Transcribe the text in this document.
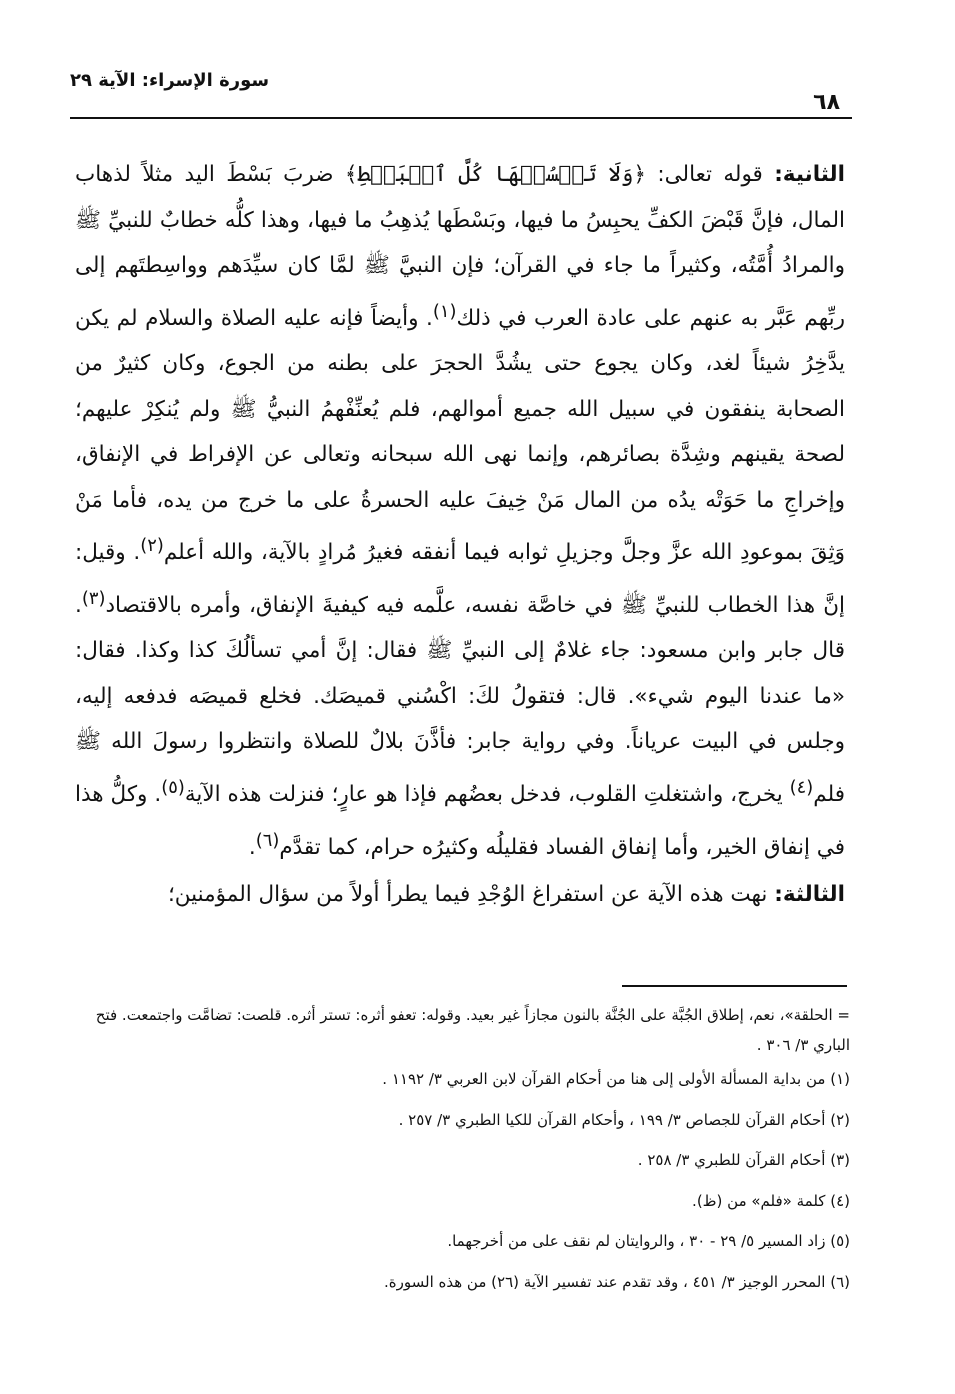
سورة الإسراء: الآية ٢٩
٦٨

الثانية: قوله تعالى: ﴿وَلَا تَبۡسُطۡهَا كُلَّ ٱلۡبَسۡطِ﴾ ضربَ بَسْطَ اليد مثلاً لذهاب المال، فإنَّ قَبْضَ الكفِّ يحبِسُ ما فيها، وبَسْطَها يُذهِبُ ما فيها، وهذا كلُّه خطابٌ للنبيِّ ﷺ والمرادُ أُمَّتُه، وكثيراً ما جاء في القرآن؛ فإن النبيَّ ﷺ لمَّا كان سيِّدَهم وواسِطتَهم إلى ربِّهم عَبَّر به عنهم على عادة العرب في ذلك$^{(١)}$. وأيضاً فإنه عليه الصلاة والسلام لم يكن يدَّخِرُ شيئاً لغد، وكان يجوع حتى يشُدَّ الحجرَ على بطنه من الجوع، وكان كثيرٌ من الصحابة ينفقون في سبيل الله جميع أموالهم، فلم يُعنِّفْهمُ النبيُّ ﷺ ولم يُنكِرْ عليهم؛ لصحة يقينهم وشِدَّة بصائرهم، وإنما نهى الله سبحانه وتعالى عن الإفراط في الإنفاق، وإخراجِ ما حَوَتْه يدُه من المال مَنْ خِيفَ عليه الحسرةُ على ما خرج من يده، فأما مَنْ وَثِقَ بموعودِ الله عزَّ وجلَّ وجزيلِ ثوابه فيما أنفقه فغيرُ مُرادٍ بالآية، والله أعلم$^{(٢)}$. وقيل: إنَّ هذا الخطاب للنبيِّ ﷺ في خاصَّة نفسه، علَّمه فيه كيفيةَ الإنفاق، وأمره بالاقتصاد$^{(٣)}$. قال جابر وابن مسعود: جاء غلامٌ إلى النبيِّ ﷺ فقال: إنَّ أمي تسألُكَ كذا وكذا. فقال: «ما عندنا اليوم شيء». قال: فتقولُ لكَ: اكْسُني قميصَك. فخلع قميصَه فدفعه إليه، وجلس في البيت عرياناً. وفي رواية جابر: فأذَّنَ بلالٌ للصلاة وانتظروا رسولَ الله ﷺ فلم$^{(٤)}$ يخرج، واشتغلتِ القلوب، فدخل بعضُهم فإذا هو عارٍ؛ فنزلت هذه الآية$^{(٥)}$. وكلُّ هذا في إنفاق الخير، وأما إنفاق الفساد فقليلُه وكثيرُه حرام، كما تقدَّم$^{(٦)}$.

الثالثة: نهت هذه الآية عن استفراغ الوُجْدِ فيما يطرأ أولاً من سؤال المؤمنين؛

= الحلقة»، نعم، إطلاق الجُبَّة على الجُنَّة بالنون مجازاً غير بعيد. وقوله: تعفو أثره: تستر أثره. قلصت: تضامَّت واجتمعت. فتح الباري ٣/ ٣٠٦ .

(١) من بداية المسألة الأولى إلى هنا من أحكام القرآن لابن العربي ٣/ ١١٩٢ .

(٢) أحكام القرآن للجصاص ٣/ ١٩٩ ، وأحكام القرآن للكيا الطبري ٣/ ٢٥٧ .

(٣) أحكام القرآن للطبري ٣/ ٢٥٨ .

(٤) كلمة «فلم» من (ظ).

(٥) زاد المسير ٥/ ٢٩ - ٣٠ ، والروايتان لم نقف على من أخرجهما.

(٦) المحرر الوجيز ٣/ ٤٥١ ، وقد تقدم عند تفسير الآية (٢٦) من هذه السورة.
